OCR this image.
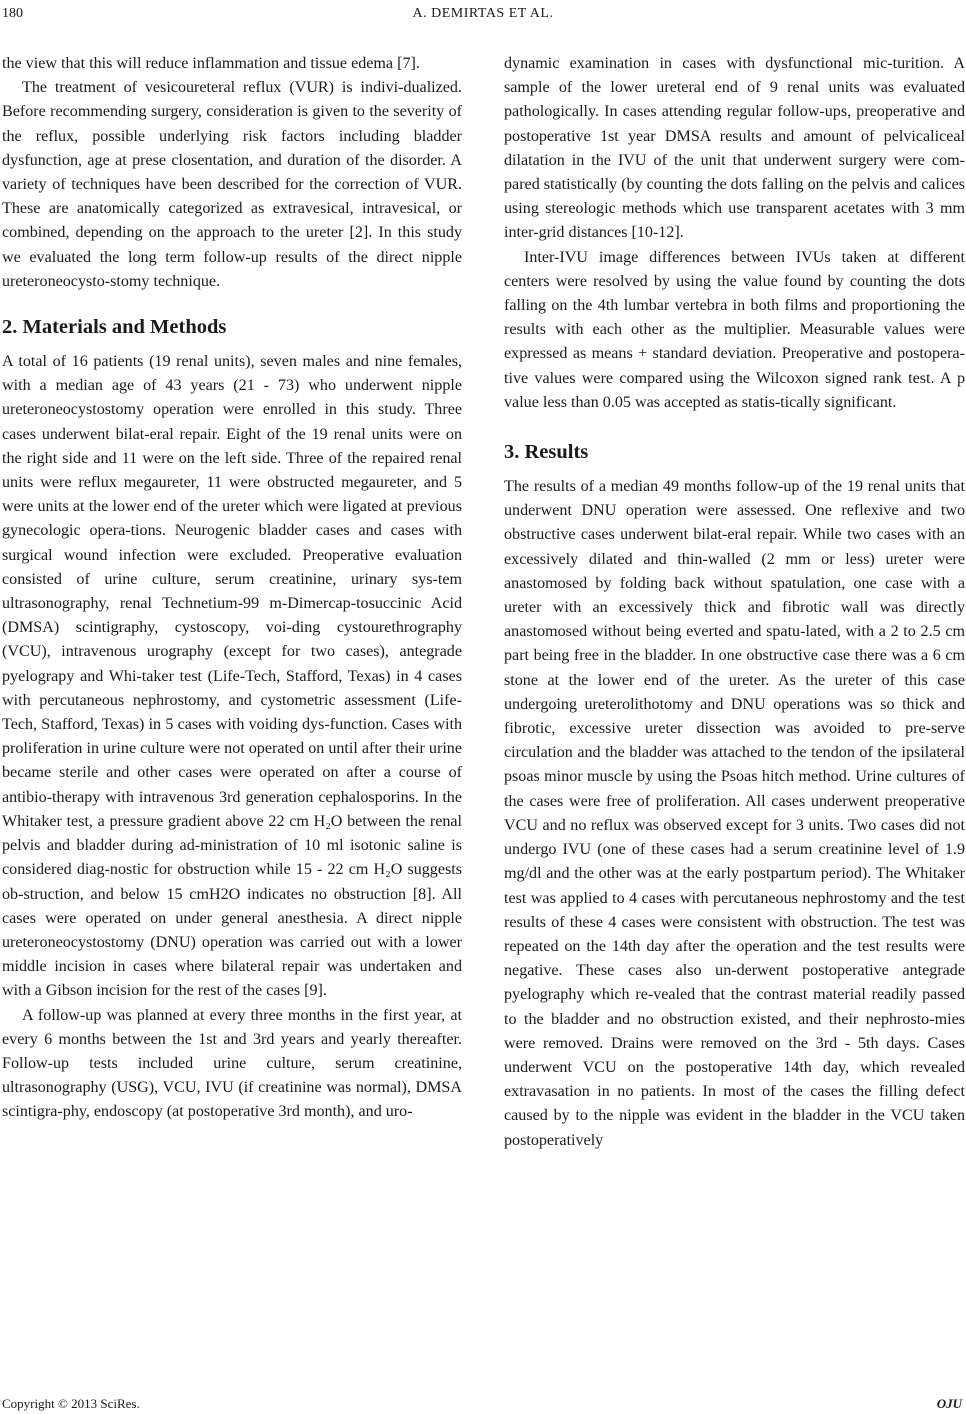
180	A. DEMIRTAS ET AL.

the view that this will reduce inflammation and tissue edema [7].

The treatment of vesicoureteral reflux (VUR) is indivi-dualized. Before recommending surgery, consideration is given to the severity of the reflux, possible underlying risk factors including bladder dysfunction, age at prese closentation, and duration of the disorder. A variety of techniques have been described for the correction of VUR. These are anatomically categorized as extravesical, intravesical, or combined, depending on the approach to the ureter [2]. In this study we evaluated the long term follow-up results of the direct nipple ureteroneocysto-stomy technique.

2. Materials and Methods

A total of 16 patients (19 renal units), seven males and nine females, with a median age of 43 years (21 - 73) who underwent nipple ureteroneocystostomy operation were enrolled in this study. Three cases underwent bilat-eral repair. Eight of the 19 renal units were on the right side and 11 were on the left side. Three of the repaired renal units were reflux megaureter, 11 were obstructed megaureter, and 5 were units at the lower end of the ureter which were ligated at previous gynecologic opera-tions. Neurogenic bladder cases and cases with surgical wound infection were excluded. Preoperative evaluation consisted of urine culture, serum creatinine, urinary sys-tem ultrasonography, renal Technetium-99 m-Dimercap-tosuccinic Acid (DMSA) scintigraphy, cystoscopy, voi-ding cystourethrography (VCU), intravenous urography (except for two cases), antegrade pyelograpy and Whi-taker test (Life-Tech, Stafford, Texas) in 4 cases with percutaneous nephrostomy, and cystometric assessment (Life-Tech, Stafford, Texas) in 5 cases with voiding dys-function. Cases with proliferation in urine culture were not operated on until after their urine became sterile and other cases were operated on after a course of antibio-therapy with intravenous 3rd generation cephalosporins. In the Whitaker test, a pressure gradient above 22 cm H₂O between the renal pelvis and bladder during ad-ministration of 10 ml isotonic saline is considered diag-nostic for obstruction while 15 - 22 cm H₂O suggests ob-struction, and below 15 cmH2O indicates no obstruction [8]. All cases were operated on under general anesthesia. A direct nipple ureteroneocystostomy (DNU) operation was carried out with a lower middle incision in cases where bilateral repair was undertaken and with a Gibson incision for the rest of the cases [9].

A follow-up was planned at every three months in the first year, at every 6 months between the 1st and 3rd years and yearly thereafter. Follow-up tests included urine culture, serum creatinine, ultrasonography (USG), VCU, IVU (if creatinine was normal), DMSA scintigra-phy, endoscopy (at postoperative 3rd month), and uro-

dynamic examination in cases with dysfunctional mic-turition. A sample of the lower ureteral end of 9 renal units was evaluated pathologically. In cases attending regular follow-ups, preoperative and postoperative 1st year DMSA results and amount of pelvicaliceal dilatation in the IVU of the unit that underwent surgery were com-pared statistically (by counting the dots falling on the pelvis and calices using stereologic methods which use transparent acetates with 3 mm inter-grid distances [10-12].

Inter-IVU image differences between IVUs taken at different centers were resolved by using the value found by counting the dots falling on the 4th lumbar vertebra in both films and proportioning the results with each other as the multiplier. Measurable values were expressed as means + standard deviation. Preoperative and postopera-tive values were compared using the Wilcoxon signed rank test. A p value less than 0.05 was accepted as statis-tically significant.

3. Results

The results of a median 49 months follow-up of the 19 renal units that underwent DNU operation were assessed. One reflexive and two obstructive cases underwent bilat-eral repair. While two cases with an excessively dilated and thin-walled (2 mm or less) ureter were anastomosed by folding back without spatulation, one case with a ureter with an excessively thick and fibrotic wall was directly anastomosed without being everted and spatu-lated, with a 2 to 2.5 cm part being free in the bladder. In one obstructive case there was a 6 cm stone at the lower end of the ureter. As the ureter of this case undergoing ureterolithotomy and DNU operations was so thick and fibrotic, excessive ureter dissection was avoided to pre-serve circulation and the bladder was attached to the tendon of the ipsilateral psoas minor muscle by using the Psoas hitch method. Urine cultures of the cases were free of proliferation. All cases underwent preoperative VCU and no reflux was observed except for 3 units. Two cases did not undergo IVU (one of these cases had a serum creatinine level of 1.9 mg/dl and the other was at the early postpartum period). The Whitaker test was applied to 4 cases with percutaneous nephrostomy and the test results of these 4 cases were consistent with obstruction. The test was repeated on the 14th day after the operation and the test results were negative. These cases also un-derwent postoperative antegrade pyelography which re-vealed that the contrast material readily passed to the bladder and no obstruction existed, and their nephrosto-mies were removed. Drains were removed on the 3rd - 5th days. Cases underwent VCU on the postoperative 14th day, which revealed extravasation in no patients. In most of the cases the filling defect caused by to the nipple was evident in the bladder in the VCU taken postoperatively

Copyright © 2013 SciRes.	OJU
